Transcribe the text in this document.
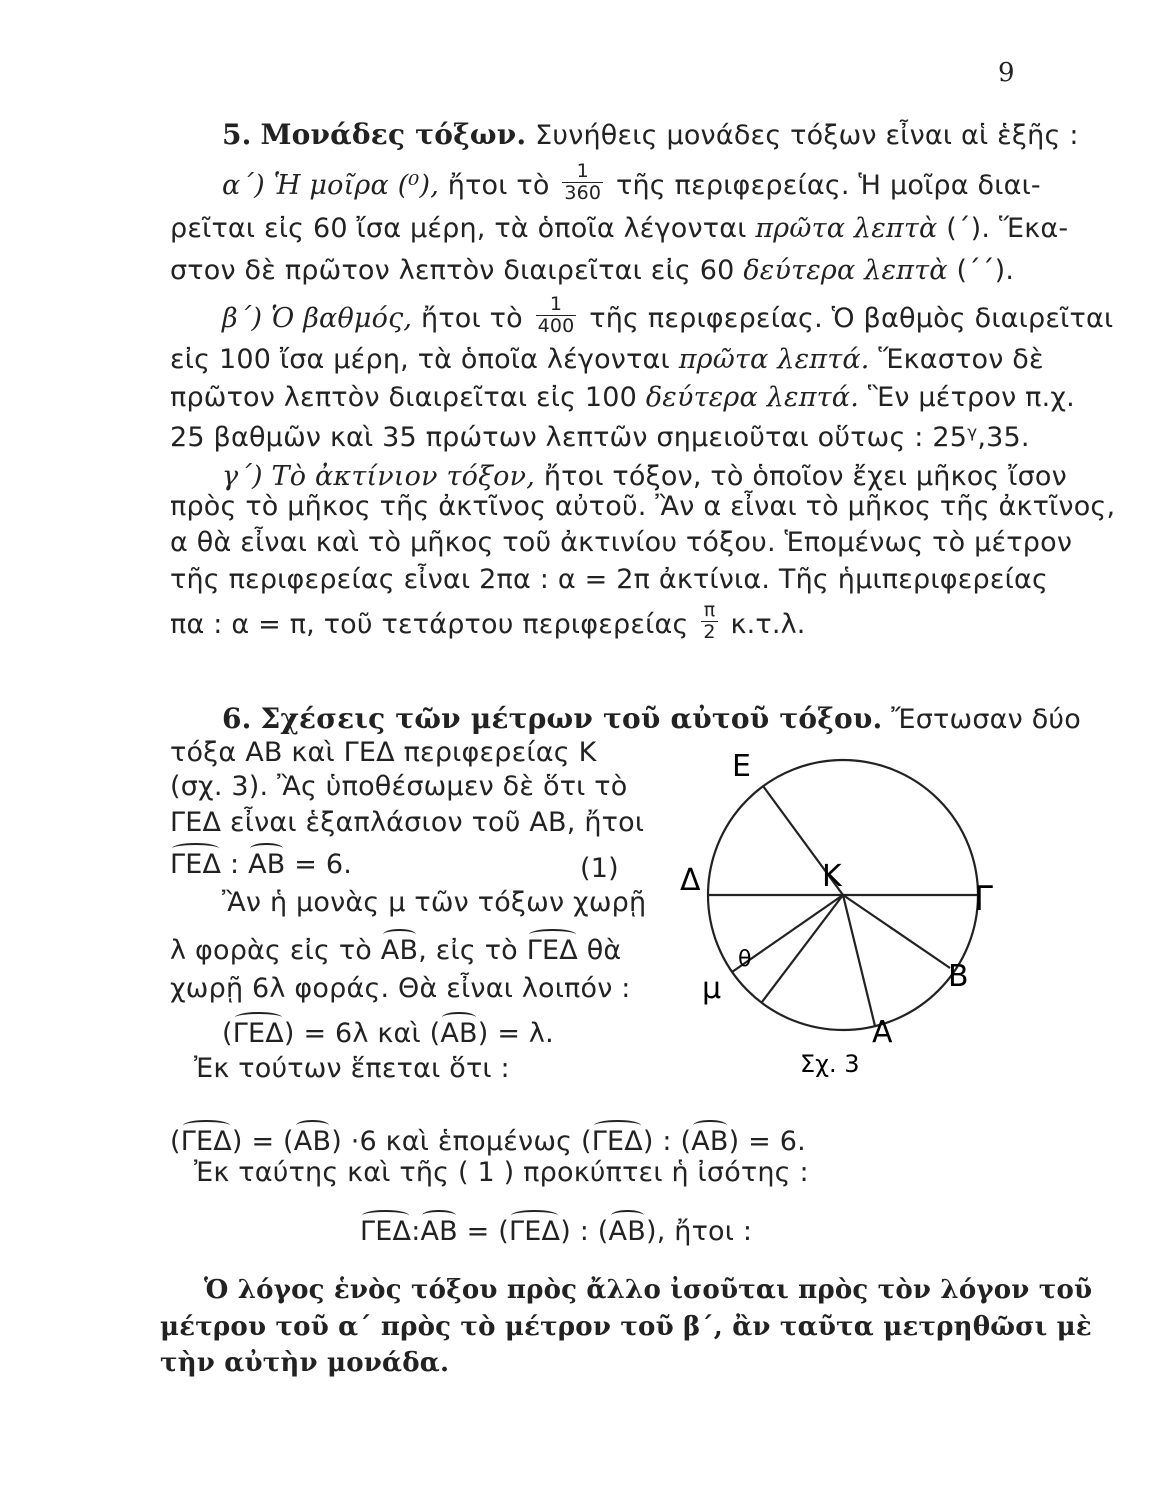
9
5. Μονάδες τόξων. Συνήθεις μονάδες τόξων εἶναι αἱ ἑξῆς :
α΄) Ἡ μοῖρα (⁰), ἤτοι τὸ $\frac{1}{360}$ τῆς περιφερείας. Ἡ μοῖρα διαι-
ρεῖται εἰς 60 ἴσα μέρη, τὰ ὁποῖα λέγονται πρῶτα λεπτὰ (΄). Ἕκα-
στον δὲ πρῶτον λεπτὸν διαιρεῖται εἰς 60 δεύτερα λεπτὰ (΄΄).
β΄) Ὁ βαθμός, ἤτοι τὸ $\frac{1}{400}$ τῆς περιφερείας. Ὁ βαθμὸς διαιρεῖται
εἰς 100 ἴσα μέρη, τὰ ὁποῖα λέγονται πρῶτα λεπτά. Ἕκαστον δὲ
πρῶτον λεπτὸν διαιρεῖται εἰς 100 δεύτερα λεπτά. Ἓν μέτρον π.χ.
25 βαθμῶν καὶ 35 πρώτων λεπτῶν σημειοῦται οὕτως : 25ᵞ,35.
γ΄) Τὸ ἀκτίνιον τόξον, ἤτοι τόξον, τὸ ὁποῖον ἔχει μῆκος ἴσον
πρὸς τὸ μῆκος τῆς ἀκτῖνος αὐτοῦ. Ἂν α εἶναι τὸ μῆκος τῆς ἀκτῖνος,
α θὰ εἶναι καὶ τὸ μῆκος τοῦ ἀκτινίου τόξου. Ἑπομένως τὸ μέτρον
τῆς περιφερείας εἶναι 2πα : α = 2π ἀκτίνια. Τῆς ἡμιπεριφερείας
πα : α = π, τοῦ τετάρτου περιφερείας $\frac{\pi}{2} \kappa.\tau.\lambda$.
6. Σχέσεις τῶν μέτρων τοῦ αὐτοῦ τόξου. Ἔστωσαν δύο
τόξα ΑΒ καὶ ΓΕΔ περιφερείας Κ
(σχ. 3). Ἂς ὑποθέσωμεν δὲ ὅτι τὸ
ΓΕΔ εἶναι ἑξαπλάσιον τοῦ ΑΒ, ἤτοι
ΓΕΔ : ΑΒ = 6.	(1)
Ἂν ἡ μονὰς μ τῶν τόξων χωρῇ
λ φορὰς εἰς τὸ ΑΒ, εἰς τὸ ΓΕΔ θὰ
χωρῇ 6λ φοράς. Θὰ εἶναι λοιπόν :
(ΓΕΔ) = 6λ καὶ (ΑΒ) = λ.
Ἐκ τούτων ἕπεται ὅτι :
(ΓΕΔ) = (ΑΒ) ·6 καὶ ἑπομένως (ΓΕΔ) : (ΑΒ) = 6.
Ἐκ ταύτης καὶ τῆς ( 1 ) προκύπτει ἡ ἰσότης :
ΓΕΔ:ΑΒ = (ΓΕΔ) : (ΑΒ), ἤτοι :
Ὁ λόγος ἑνὸς τόξου πρὸς ἄλλο ἰσοῦται πρὸς τὸν λόγον τοῦ
μέτρου τοῦ α΄ πρὸς τὸ μέτρον τοῦ β΄, ἂν ταῦτα μετρηθῶσι μὲ
τὴν αὐτὴν μονάδα.
Ε
Κ
Γ
Δ
Β
Α
μ
θ
Σχ. 3
